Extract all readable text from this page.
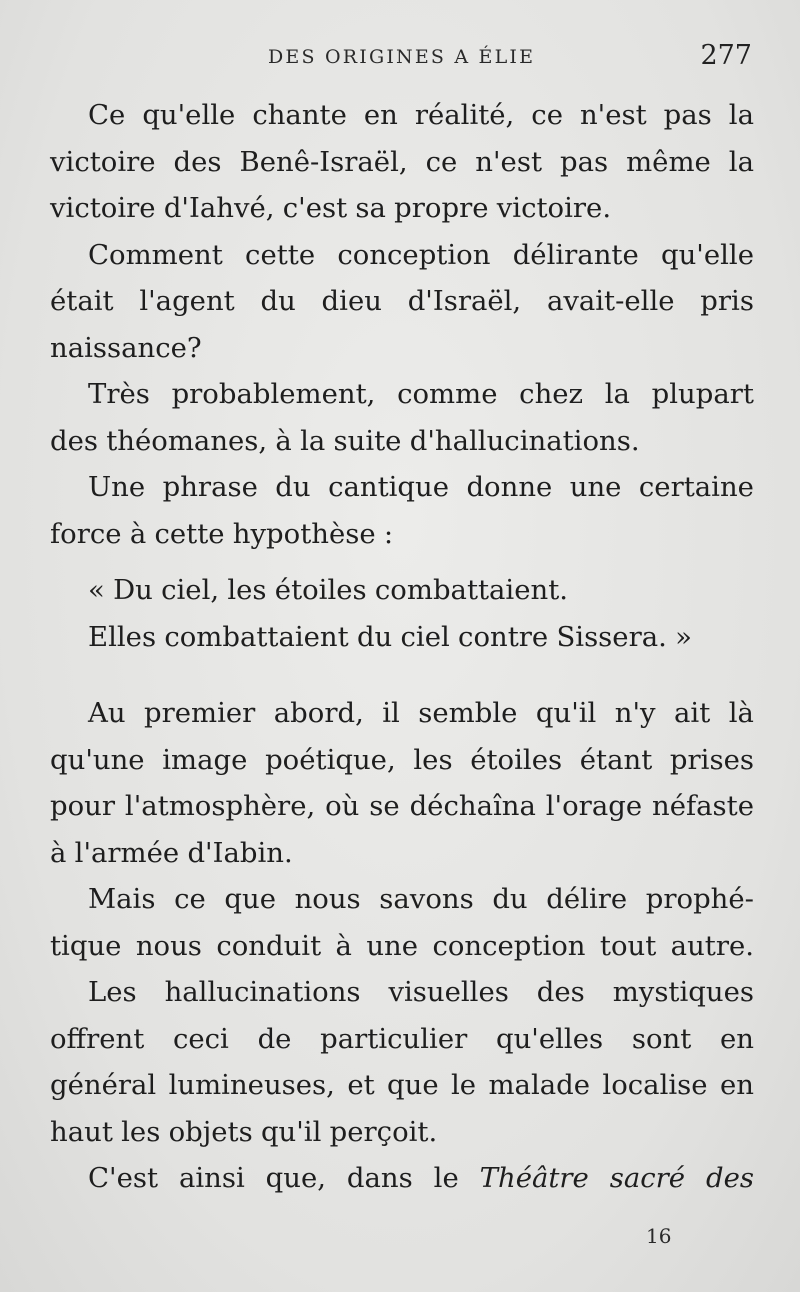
DES ORIGINES A ÉLIE	277
Ce qu'elle chante en réalité, ce n'est pas la
victoire des Benê-Israël, ce n'est pas même la
victoire d'Iahvé, c'est sa propre victoire.
Comment cette conception délirante qu'elle
était l'agent du dieu d'Israël, avait-elle pris
naissance?
Très probablement, comme chez la plupart
des théomanes, à la suite d'hallucinations.
Une phrase du cantique donne une certaine
force à cette hypothèse :
« Du ciel, les étoiles combattaient.
Elles combattaient du ciel contre Sissera. »
Au premier abord, il semble qu'il n'y ait là
qu'une image poétique, les étoiles étant prises
pour l'atmosphère, où se déchaîna l'orage néfaste
à l'armée d'Iabin.
Mais ce que nous savons du délire prophé-
tique nous conduit à une conception tout autre.
Les hallucinations visuelles des mystiques
offrent ceci de particulier qu'elles sont en
général lumineuses, et que le malade localise en
haut les objets qu'il perçoit.
C'est ainsi que, dans le Théâtre sacré des
16
